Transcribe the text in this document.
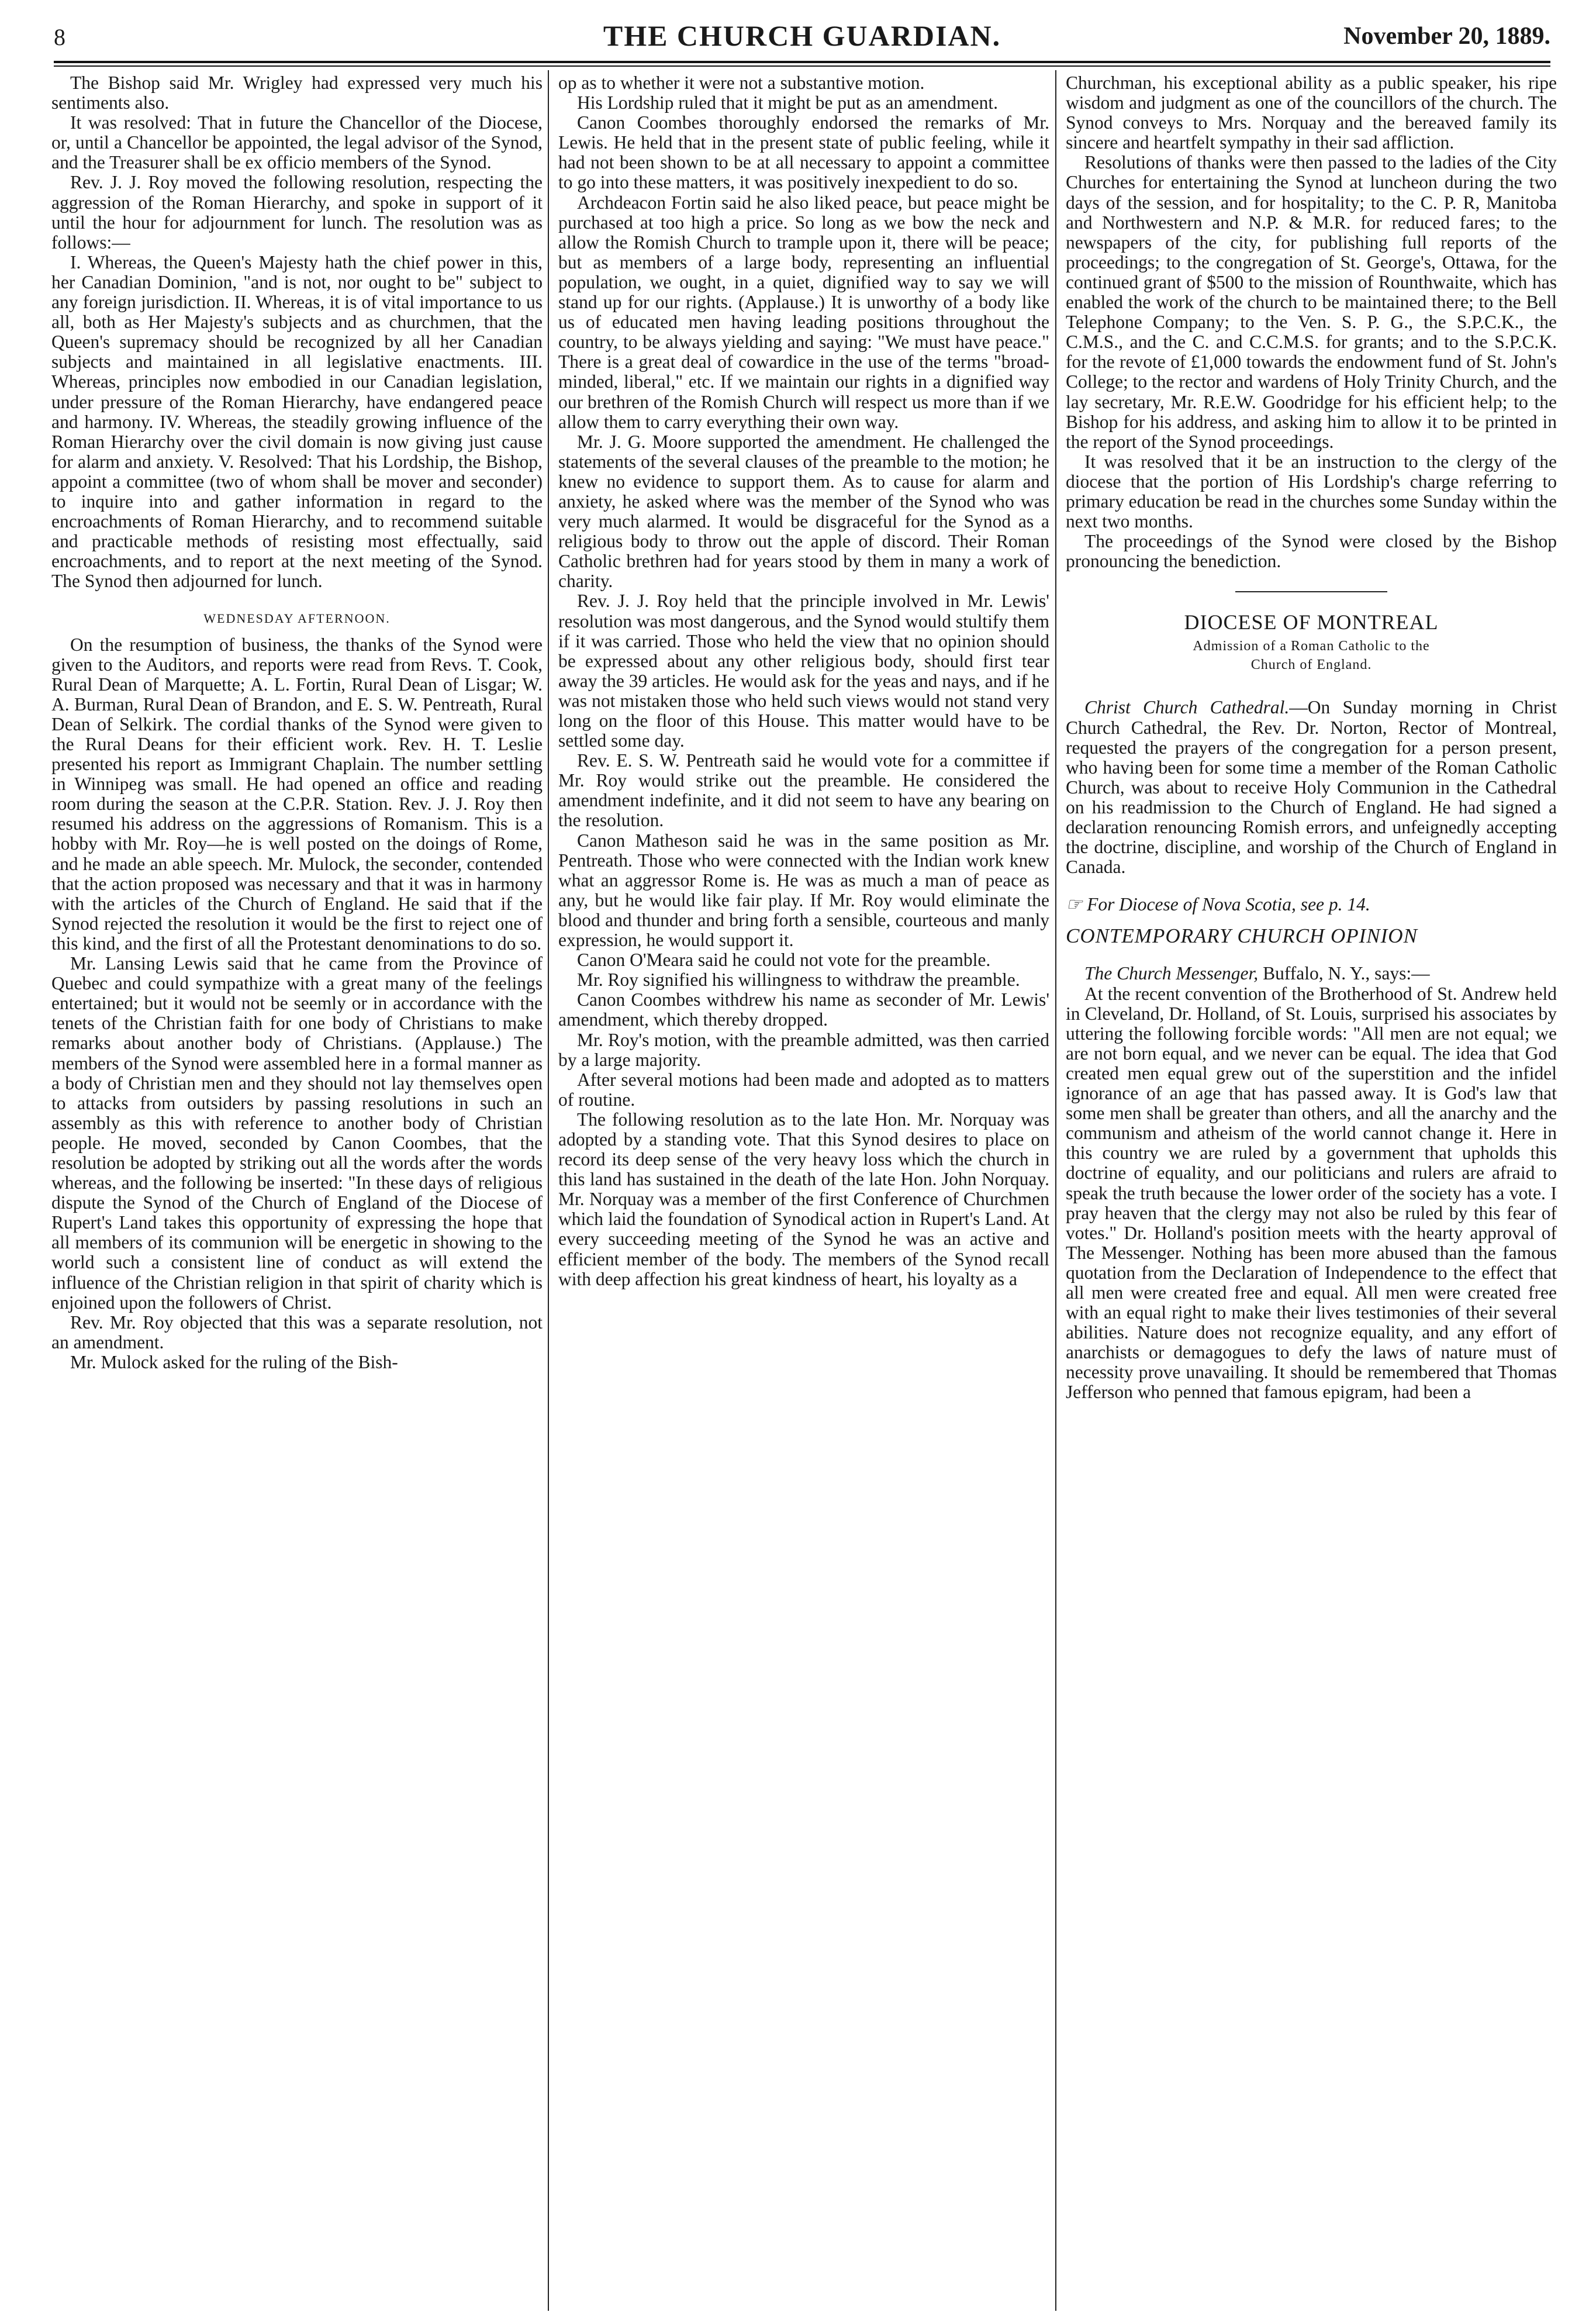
8	THE CHURCH GUARDIAN.	November 20, 1889.

The Bishop said Mr. Wrigley had expressed very much his sentiments also.

It was resolved: That in future the Chancellor of the Diocese, or, until a Chancellor be appointed, the legal advisor of the Synod, and the Treasurer shall be ex officio members of the Synod.

Rev. J. J. Roy moved the following resolution, respecting the aggression of the Roman Hierarchy, and spoke in support of it until the hour for adjournment for lunch. The resolution was as follows:—

I. Whereas, the Queen's Majesty hath the chief power in this, her Canadian Dominion, "and is not, nor ought to be" subject to any foreign jurisdiction. II. Whereas, it is of vital importance to us all, both as Her Majesty's subjects and as churchmen, that the Queen's supremacy should be recognized by all her Canadian subjects and maintained in all legislative enactments. III. Whereas, principles now embodied in our Canadian legislation, under pressure of the Roman Hierarchy, have endangered peace and harmony. IV. Whereas, the steadily growing influence of the Roman Hierarchy over the civil domain is now giving just cause for alarm and anxiety. V. Resolved: That his Lordship, the Bishop, appoint a committee (two of whom shall be mover and seconder) to inquire into and gather information in regard to the encroachments of Roman Hierarchy, and to recommend suitable and practicable methods of resisting most effectually, said encroachments, and to report at the next meeting of the Synod. The Synod then adjourned for lunch.

WEDNESDAY AFTERNOON.

On the resumption of business, the thanks of the Synod were given to the Auditors, and reports were read from Revs. T. Cook, Rural Dean of Marquette; A. L. Fortin, Rural Dean of Lisgar; W. A. Burman, Rural Dean of Brandon, and E. S. W. Pentreath, Rural Dean of Selkirk. The cordial thanks of the Synod were given to the Rural Deans for their efficient work. Rev. H. T. Leslie presented his report as Immigrant Chaplain. The number settling in Winnipeg was small. He had opened an office and reading room during the season at the C.P.R. Station. Rev. J. J. Roy then resumed his address on the aggressions of Romanism. This is a hobby with Mr. Roy—he is well posted on the doings of Rome, and he made an able speech. Mr. Mulock, the seconder, contended that the action proposed was necessary and that it was in harmony with the articles of the Church of England. He said that if the Synod rejected the resolution it would be the first to reject one of this kind, and the first of all the Protestant denominations to do so.

Mr. Lansing Lewis said that he came from the Province of Quebec and could sympathize with a great many of the feelings entertained; but it would not be seemly or in accordance with the tenets of the Christian faith for one body of Christians to make remarks about another body of Christians. (Applause.) The members of the Synod were assembled here in a formal manner as a body of Christian men and they should not lay themselves open to attacks from outsiders by passing resolutions in such an assembly as this with reference to another body of Christian people. He moved, seconded by Canon Coombes, that the resolution be adopted by striking out all the words after the words whereas, and the following be inserted: "In these days of religious dispute the Synod of the Church of England of the Diocese of Rupert's Land takes this opportunity of expressing the hope that all members of its communion will be energetic in showing to the world such a consistent line of conduct as will extend the influence of the Christian religion in that spirit of charity which is enjoined upon the followers of Christ.

Rev. Mr. Roy objected that this was a separate resolution, not an amendment.

Mr. Mulock asked for the ruling of the Bish-

op as to whether it were not a substantive motion.

His Lordship ruled that it might be put as an amendment.

Canon Coombes thoroughly endorsed the remarks of Mr. Lewis. He held that in the present state of public feeling, while it had not been shown to be at all necessary to appoint a committee to go into these matters, it was positively inexpedient to do so.

Archdeacon Fortin said he also liked peace, but peace might be purchased at too high a price. So long as we bow the neck and allow the Romish Church to trample upon it, there will be peace; but as members of a large body, representing an influential population, we ought, in a quiet, dignified way to say we will stand up for our rights. (Applause.) It is unworthy of a body like us of educated men having leading positions throughout the country, to be always yielding and saying: "We must have peace." There is a great deal of cowardice in the use of the terms "broad-minded, liberal," etc. If we maintain our rights in a dignified way our brethren of the Romish Church will respect us more than if we allow them to carry everything their own way.

Mr. J. G. Moore supported the amendment. He challenged the statements of the several clauses of the preamble to the motion; he knew no evidence to support them. As to cause for alarm and anxiety, he asked where was the member of the Synod who was very much alarmed. It would be disgraceful for the Synod as a religious body to throw out the apple of discord. Their Roman Catholic brethren had for years stood by them in many a work of charity.

Rev. J. J. Roy held that the principle involved in Mr. Lewis' resolution was most dangerous, and the Synod would stultify them if it was carried. Those who held the view that no opinion should be expressed about any other religious body, should first tear away the 39 articles. He would ask for the yeas and nays, and if he was not mistaken those who held such views would not stand very long on the floor of this House. This matter would have to be settled some day.

Rev. E. S. W. Pentreath said he would vote for a committee if Mr. Roy would strike out the preamble. He considered the amendment indefinite, and it did not seem to have any bearing on the resolution.

Canon Matheson said he was in the same position as Mr. Pentreath. Those who were connected with the Indian work knew what an aggressor Rome is. He was as much a man of peace as any, but he would like fair play. If Mr. Roy would eliminate the blood and thunder and bring forth a sensible, courteous and manly expression, he would support it.

Canon O'Meara said he could not vote for the preamble.

Mr. Roy signified his willingness to withdraw the preamble.

Canon Coombes withdrew his name as seconder of Mr. Lewis' amendment, which thereby dropped.

Mr. Roy's motion, with the preamble admitted, was then carried by a large majority.

After several motions had been made and adopted as to matters of routine.

The following resolution as to the late Hon. Mr. Norquay was adopted by a standing vote. That this Synod desires to place on record its deep sense of the very heavy loss which the church in this land has sustained in the death of the late Hon. John Norquay. Mr. Norquay was a member of the first Conference of Churchmen which laid the foundation of Synodical action in Rupert's Land. At every succeeding meeting of the Synod he was an active and efficient member of the body. The members of the Synod recall with deep affection his great kindness of heart, his loyalty as a

Churchman, his exceptional ability as a public speaker, his ripe wisdom and judgment as one of the councillors of the church. The Synod conveys to Mrs. Norquay and the bereaved family its sincere and heartfelt sympathy in their sad affliction.

Resolutions of thanks were then passed to the ladies of the City Churches for entertaining the Synod at luncheon during the two days of the session, and for hospitality; to the C. P. R, Manitoba and Northwestern and N.P. & M.R. for reduced fares; to the newspapers of the city, for publishing full reports of the proceedings; to the congregation of St. George's, Ottawa, for the continued grant of $500 to the mission of Rounthwaite, which has enabled the work of the church to be maintained there; to the Bell Telephone Company; to the Ven. S. P. G., the S.P.C.K., the C.M.S., and the C. and C.C.M.S. for grants; and to the S.P.C.K. for the revote of £1,000 towards the endowment fund of St. John's College; to the rector and wardens of Holy Trinity Church, and the lay secretary, Mr. R.E.W. Goodridge for his efficient help; to the Bishop for his address, and asking him to allow it to be printed in the report of the Synod proceedings.

It was resolved that it be an instruction to the clergy of the diocese that the portion of His Lordship's charge referring to primary education be read in the churches some Sunday within the next two months.

The proceedings of the Synod were closed by the Bishop pronouncing the benediction.

DIOCESE OF MONTREAL
Admission of a Roman Catholic to the
Church of England.

Christ Church Cathedral.—On Sunday morning in Christ Church Cathedral, the Rev. Dr. Norton, Rector of Montreal, requested the prayers of the congregation for a person present, who having been for some time a member of the Roman Catholic Church, was about to receive Holy Communion in the Cathedral on his readmission to the Church of England. He had signed a declaration renouncing Romish errors, and unfeignedly accepting the doctrine, discipline, and worship of the Church of England in Canada.

☞ For Diocese of Nova Scotia, see p. 14.
CONTEMPORARY CHURCH OPINION

The Church Messenger, Buffalo, N. Y., says:—

At the recent convention of the Brotherhood of St. Andrew held in Cleveland, Dr. Holland, of St. Louis, surprised his associates by uttering the following forcible words: "All men are not equal; we are not born equal, and we never can be equal. The idea that God created men equal grew out of the superstition and the infidel ignorance of an age that has passed away. It is God's law that some men shall be greater than others, and all the anarchy and the communism and atheism of the world cannot change it. Here in this country we are ruled by a government that upholds this doctrine of equality, and our politicians and rulers are afraid to speak the truth because the lower order of the society has a vote. I pray heaven that the clergy may not also be ruled by this fear of votes." Dr. Holland's position meets with the hearty approval of The Messenger. Nothing has been more abused than the famous quotation from the Declaration of Independence to the effect that all men were created free and equal. All men were created free with an equal right to make their lives testimonies of their several abilities. Nature does not recognize equality, and any effort of anarchists or demagogues to defy the laws of nature must of necessity prove unavailing. It should be remembered that Thomas Jefferson who penned that famous epigram, had been a
